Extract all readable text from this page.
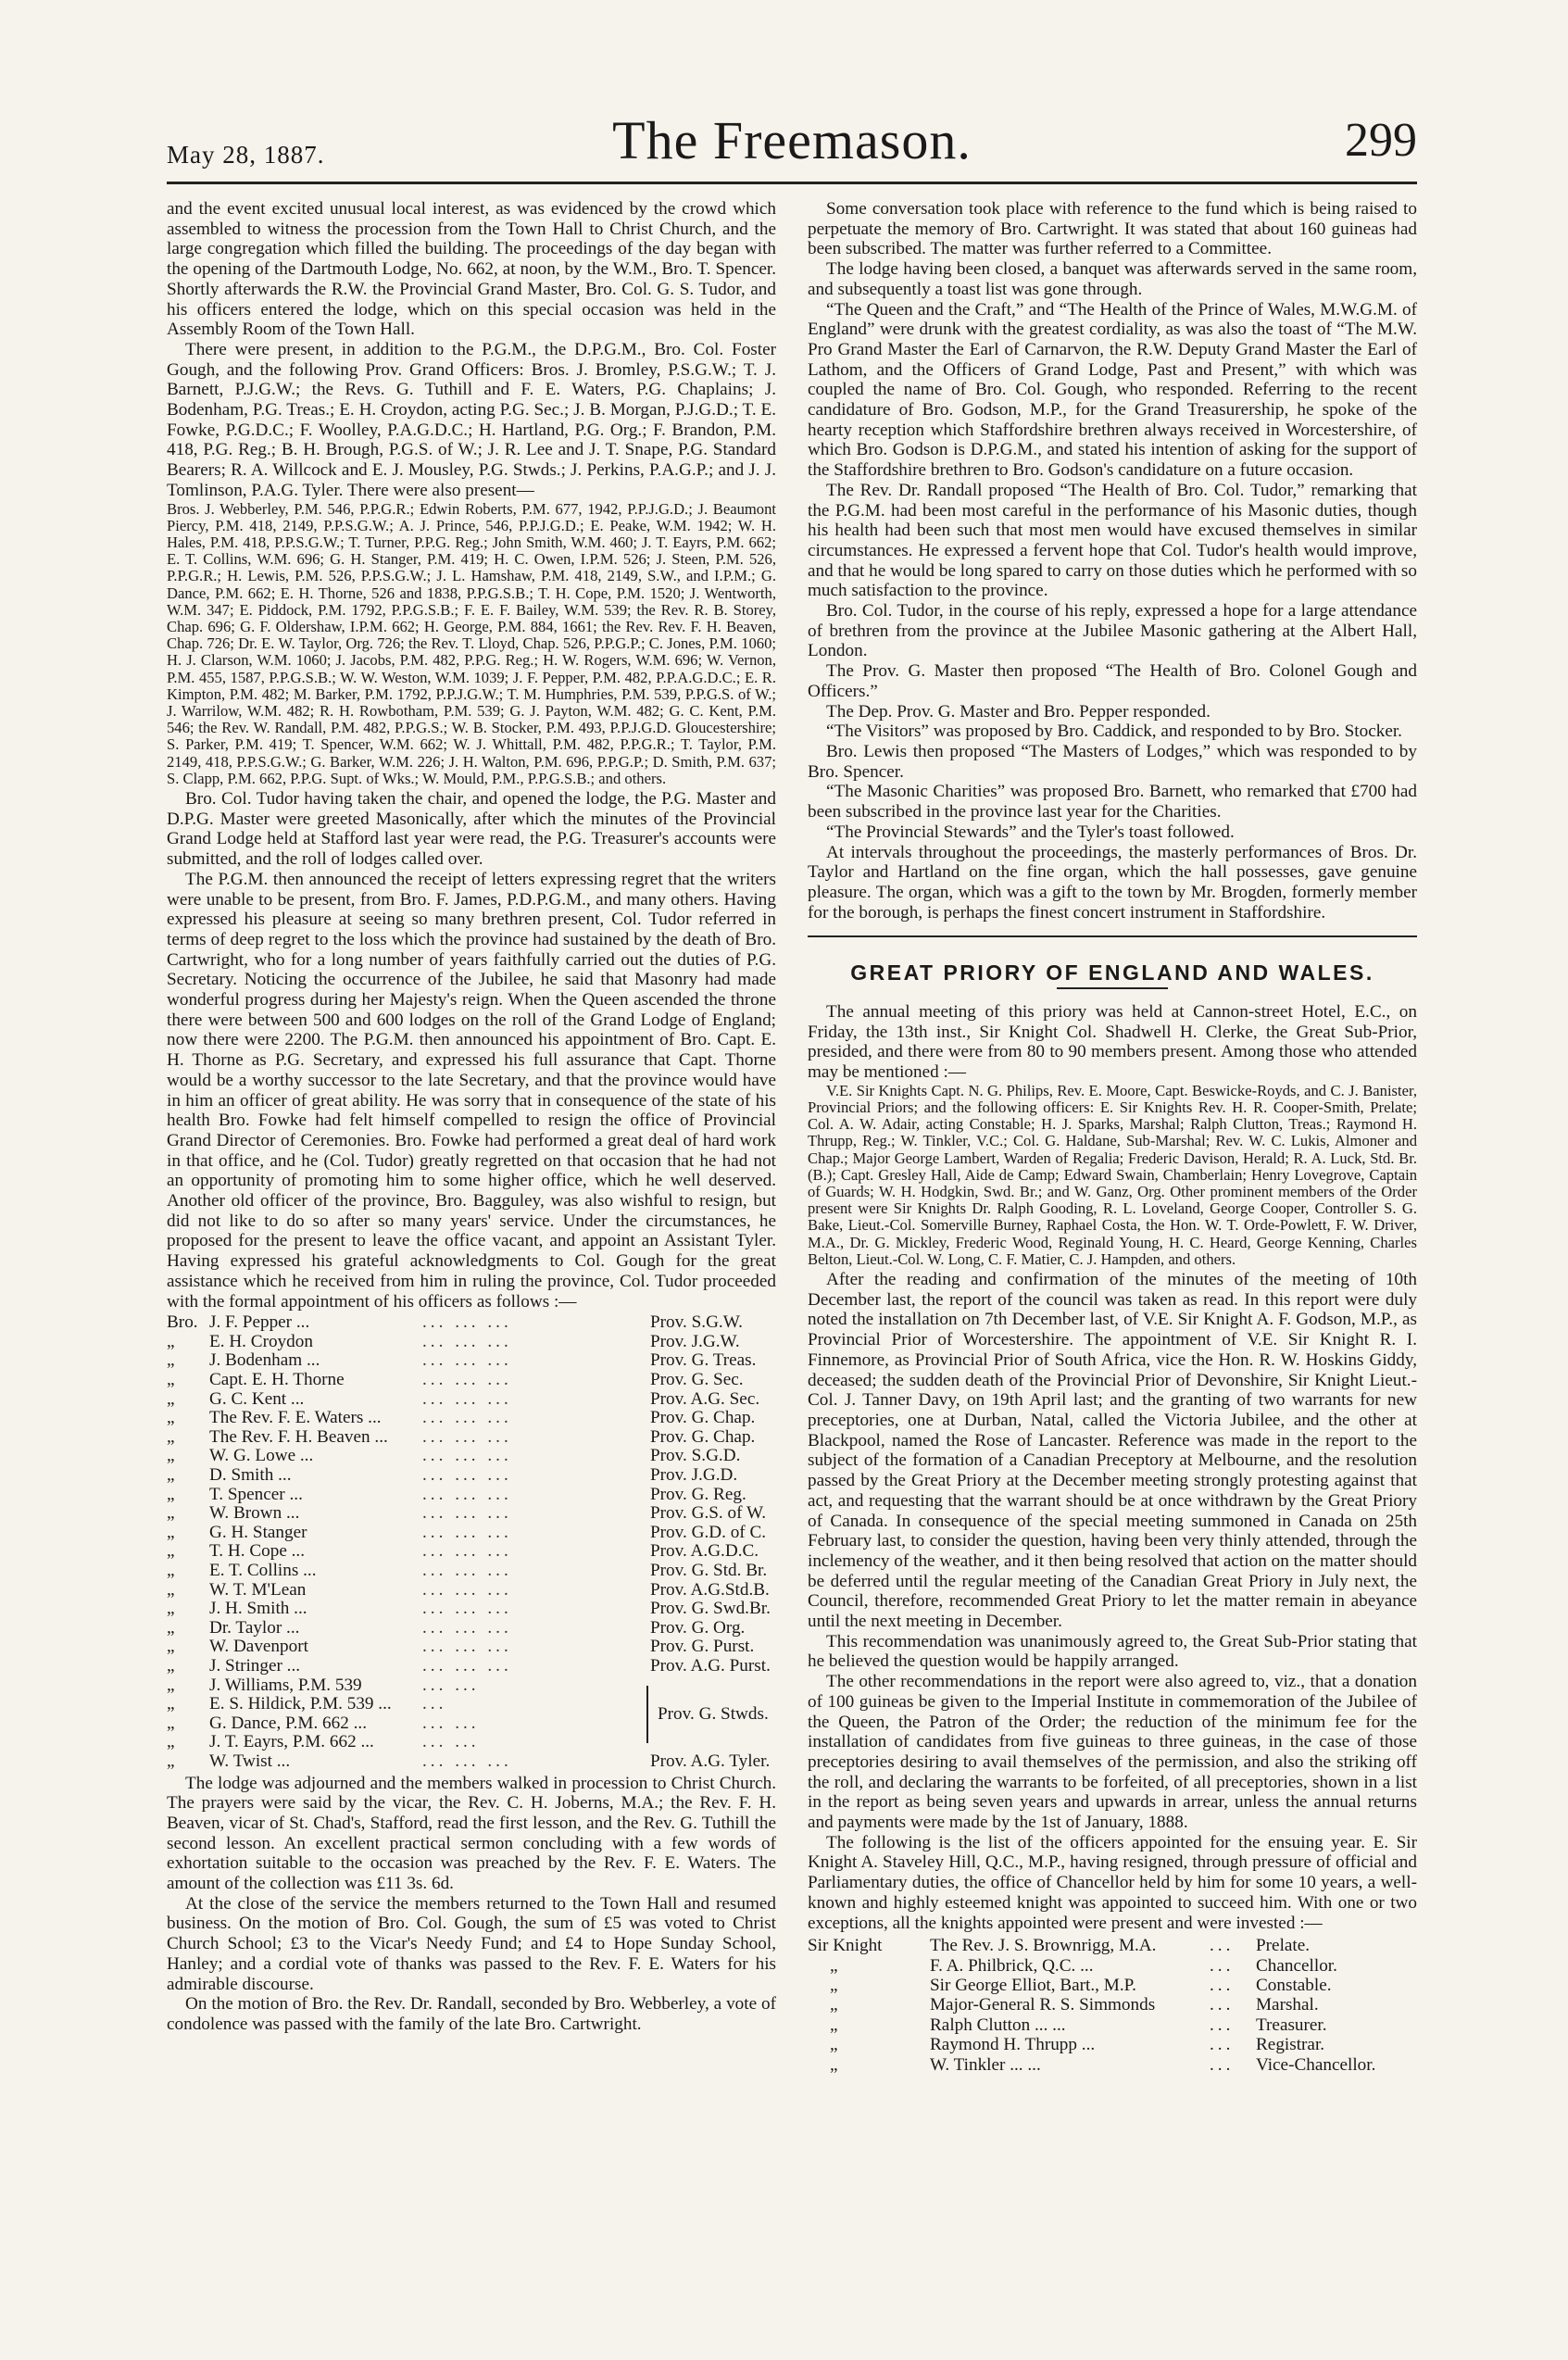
May 28, 1887.	The Freemason.	299

and the event excited unusual local interest, as was evidenced by the crowd which assembled to witness the procession from the Town Hall to Christ Church, and the large congregation which filled the building. The proceedings of the day began with the opening of the Dartmouth Lodge, No. 662, at noon, by the W.M., Bro. T. Spencer. Shortly afterwards the R.W. the Provincial Grand Master, Bro. Col. G. S. Tudor, and his officers entered the lodge, which on this special occasion was held in the Assembly Room of the Town Hall.

There were present, in addition to the P.G.M., the D.P.G.M., Bro. Col. Foster Gough, and the following Prov. Grand Officers: Bros. J. Bromley, P.S.G.W.; T. J. Barnett, P.J.G.W.; the Revs. G. Tuthill and F. E. Waters, P.G. Chaplains; J. Bodenham, P.G. Treas.; E. H. Croydon, acting P.G. Sec.; J. B. Morgan, P.J.G.D.; T. E. Fowke, P.G.D.C.; F. Woolley, P.A.G.D.C.; H. Hartland, P.G. Org.; F. Brandon, P.M. 418, P.G. Reg.; B. H. Brough, P.G.S. of W.; J. R. Lee and J. T. Snape, P.G. Standard Bearers; R. A. Willcock and E. J. Mousley, P.G. Stwds.; J. Perkins, P.A.G.P.; and J. J. Tomlinson, P.A.G. Tyler. There were also present—

Bros. J. Webberley, P.M. 546, P.P.G.R.; Edwin Roberts, P.M. 677, 1942, P.P.J.G.D.; J. Beaumont Piercy, P.M. 418, 2149, P.P.S.G.W.; A. J. Prince, 546, P.P.J.G.D.; E. Peake, W.M. 1942; W. H. Hales, P.M. 418, P.P.S.G.W.; T. Turner, P.P.G. Reg.; John Smith, W.M. 460; J. T. Eayrs, P.M. 662; E. T. Collins, W.M. 696; G. H. Stanger, P.M. 419; H. C. Owen, I.P.M. 526; J. Steen, P.M. 526, P.P.G.R.; H. Lewis, P.M. 526, P.P.S.G.W.; J. L. Hamshaw, P.M. 418, 2149, S.W., and I.P.M.; G. Dance, P.M. 662; E. H. Thorne, 526 and 1838, P.P.G.S.B.; T. H. Cope, P.M. 1520; J. Wentworth, W.M. 347; E. Piddock, P.M. 1792, P.P.G.S.B.; F. E. F. Bailey, W.M. 539; the Rev. R. B. Storey, Chap. 696; G. F. Oldershaw, I.P.M. 662; H. George, P.M. 884, 1661; the Rev. Rev. F. H. Beaven, Chap. 726; Dr. E. W. Taylor, Org. 726; the Rev. T. Lloyd, Chap. 526, P.P.G.P.; C. Jones, P.M. 1060; H. J. Clarson, W.M. 1060; J. Jacobs, P.M. 482, P.P.G. Reg.; H. W. Rogers, W.M. 696; W. Vernon, P.M. 455, 1587, P.P.G.S.B.; W. W. Weston, W.M. 1039; J. F. Pepper, P.M. 482, P.P.A.G.D.C.; E. R. Kimpton, P.M. 482; M. Barker, P.M. 1792, P.P.J.G.W.; T. M. Humphries, P.M. 539, P.P.G.S. of W.; J. Warrilow, W.M. 482; R. H. Rowbotham, P.M. 539; G. J. Payton, W.M. 482; G. C. Kent, P.M. 546; the Rev. W. Randall, P.M. 482, P.P.G.S.; W. B. Stocker, P.M. 493, P.P.J.G.D. Gloucestershire; S. Parker, P.M. 419; T. Spencer, W.M. 662; W. J. Whittall, P.M. 482, P.P.G.R.; T. Taylor, P.M. 2149, 418, P.P.S.G.W.; G. Barker, W.M. 226; J. H. Walton, P.M. 696, P.P.G.P.; D. Smith, P.M. 637; S. Clapp, P.M. 662, P.P.G. Supt. of Wks.; W. Mould, P.M., P.P.G.S.B.; and others.

Bro. Col. Tudor having taken the chair, and opened the lodge, the P.G. Master and D.P.G. Master were greeted Masonically, after which the minutes of the Provincial Grand Lodge held at Stafford last year were read, the P.G. Treasurer's accounts were submitted, and the roll of lodges called over.

The P.G.M. then announced the receipt of letters expressing regret that the writers were unable to be present, from Bro. F. James, P.D.P.G.M., and many others. Having expressed his pleasure at seeing so many brethren present, Col. Tudor referred in terms of deep regret to the loss which the province had sustained by the death of Bro. Cartwright, who for a long number of years faithfully carried out the duties of P.G. Secretary. Noticing the occurrence of the Jubilee, he said that Masonry had made wonderful progress during her Majesty's reign. When the Queen ascended the throne there were between 500 and 600 lodges on the roll of the Grand Lodge of England; now there were 2200. The P.G.M. then announced his appointment of Bro. Capt. E. H. Thorne as P.G. Secretary, and expressed his full assurance that Capt. Thorne would be a worthy successor to the late Secretary, and that the province would have in him an officer of great ability. He was sorry that in consequence of the state of his health Bro. Fowke had felt himself compelled to resign the office of Provincial Grand Director of Ceremonies. Bro. Fowke had performed a great deal of hard work in that office, and he (Col. Tudor) greatly regretted on that occasion that he had not an opportunity of promoting him to some higher office, which he well deserved. Another old officer of the province, Bro. Bagguley, was also wishful to resign, but did not like to do so after so many years' service. Under the circumstances, he proposed for the present to leave the office vacant, and appoint an Assistant Tyler. Having expressed his grateful acknowledgments to Col. Gough for the great assistance which he received from him in ruling the province, Col. Tudor proceeded with the formal appointment of his officers as follows :—

Bro.	J. F. Pepper ...	... ... ...	Prov. S.G.W.
„	E. H. Croydon	... ... ...	Prov. J.G.W.
„	J. Bodenham ...	... ... ...	Prov. G. Treas.
„	Capt. E. H. Thorne	... ... ...	Prov. G. Sec.
„	G. C. Kent ...	... ... ...	Prov. A.G. Sec.
„	The Rev. F. E. Waters ...	... ... ...	Prov. G. Chap.
„	The Rev. F. H. Beaven ...	... ... ...	Prov. G. Chap.
„	W. G. Lowe ...	... ... ...	Prov. S.G.D.
„	D. Smith ...	... ... ...	Prov. J.G.D.
„	T. Spencer ...	... ... ...	Prov. G. Reg.
„	W. Brown ...	... ... ...	Prov. G.S. of W.
„	G. H. Stanger	... ... ...	Prov. G.D. of C.
„	T. H. Cope ...	... ... ...	Prov. A.G.D.C.
„	E. T. Collins ...	... ... ...	Prov. G. Std. Br.
„	W. T. M'Lean	... ... ...	Prov. A.G.Std.B.
„	J. H. Smith ...	... ... ...	Prov. G. Swd.Br.
„	Dr. Taylor ...	... ... ...	Prov. G. Org.
„	W. Davenport	... ... ...	Prov. G. Purst.
„	J. Stringer ...	... ... ...	Prov. A.G. Purst.
„	J. Williams, P.M. 539	... ...	Prov. G. Stwds.
„	E. S. Hildick, P.M. 539 ...	...	
„	G. Dance, P.M. 662 ...	... ...	
„	J. T. Eayrs, P.M. 662 ...	... ...	
„	W. Twist ...	... ... ...	Prov. A.G. Tyler.

The lodge was adjourned and the members walked in procession to Christ Church. The prayers were said by the vicar, the Rev. C. H. Joberns, M.A.; the Rev. F. H. Beaven, vicar of St. Chad's, Stafford, read the first lesson, and the Rev. G. Tuthill the second lesson. An excellent practical sermon concluding with a few words of exhortation suitable to the occasion was preached by the Rev. F. E. Waters. The amount of the collection was £11 3s. 6d.

At the close of the service the members returned to the Town Hall and resumed business. On the motion of Bro. Col. Gough, the sum of £5 was voted to Christ Church School; £3 to the Vicar's Needy Fund; and £4 to Hope Sunday School, Hanley; and a cordial vote of thanks was passed to the Rev. F. E. Waters for his admirable discourse.

On the motion of Bro. the Rev. Dr. Randall, seconded by Bro. Webberley, a vote of condolence was passed with the family of the late Bro. Cartwright.

Some conversation took place with reference to the fund which is being raised to perpetuate the memory of Bro. Cartwright. It was stated that about 160 guineas had been subscribed. The matter was further referred to a Committee.

The lodge having been closed, a banquet was afterwards served in the same room, and subsequently a toast list was gone through.

“The Queen and the Craft,” and “The Health of the Prince of Wales, M.W.G.M. of England” were drunk with the greatest cordiality, as was also the toast of “The M.W. Pro Grand Master the Earl of Carnarvon, the R.W. Deputy Grand Master the Earl of Lathom, and the Officers of Grand Lodge, Past and Present,” with which was coupled the name of Bro. Col. Gough, who responded. Referring to the recent candidature of Bro. Godson, M.P., for the Grand Treasurership, he spoke of the hearty reception which Staffordshire brethren always received in Worcestershire, of which Bro. Godson is D.P.G.M., and stated his intention of asking for the support of the Staffordshire brethren to Bro. Godson's candidature on a future occasion.

The Rev. Dr. Randall proposed “The Health of Bro. Col. Tudor,” remarking that the P.G.M. had been most careful in the performance of his Masonic duties, though his health had been such that most men would have excused themselves in similar circumstances. He expressed a fervent hope that Col. Tudor's health would improve, and that he would be long spared to carry on those duties which he performed with so much satisfaction to the province.

Bro. Col. Tudor, in the course of his reply, expressed a hope for a large attendance of brethren from the province at the Jubilee Masonic gathering at the Albert Hall, London.

The Prov. G. Master then proposed “The Health of Bro. Colonel Gough and Officers.”

The Dep. Prov. G. Master and Bro. Pepper responded.

“The Visitors” was proposed by Bro. Caddick, and responded to by Bro. Stocker.

Bro. Lewis then proposed “The Masters of Lodges,” which was responded to by Bro. Spencer.

“The Masonic Charities” was proposed Bro. Barnett, who remarked that £700 had been subscribed in the province last year for the Charities.

“The Provincial Stewards” and the Tyler's toast followed.

At intervals throughout the proceedings, the masterly performances of Bros. Dr. Taylor and Hartland on the fine organ, which the hall possesses, gave genuine pleasure. The organ, which was a gift to the town by Mr. Brogden, formerly member for the borough, is perhaps the finest concert instrument in Staffordshire.

GREAT PRIORY OF ENGLAND AND WALES.

The annual meeting of this priory was held at Cannon-street Hotel, E.C., on Friday, the 13th inst., Sir Knight Col. Shadwell H. Clerke, the Great Sub-Prior, presided, and there were from 80 to 90 members present. Among those who attended may be mentioned :—

V.E. Sir Knights Capt. N. G. Philips, Rev. E. Moore, Capt. Beswicke-Royds, and C. J. Banister, Provincial Priors; and the following officers: E. Sir Knights Rev. H. R. Cooper-Smith, Prelate; Col. A. W. Adair, acting Constable; H. J. Sparks, Marshal; Ralph Clutton, Treas.; Raymond H. Thrupp, Reg.; W. Tinkler, V.C.; Col. G. Haldane, Sub-Marshal; Rev. W. C. Lukis, Almoner and Chap.; Major George Lambert, Warden of Regalia; Frederic Davison, Herald; R. A. Luck, Std. Br. (B.); Capt. Gresley Hall, Aide de Camp; Edward Swain, Chamberlain; Henry Lovegrove, Captain of Guards; W. H. Hodgkin, Swd. Br.; and W. Ganz, Org. Other prominent members of the Order present were Sir Knights Dr. Ralph Gooding, R. L. Loveland, George Cooper, Controller S. G. Bake, Lieut.-Col. Somerville Burney, Raphael Costa, the Hon. W. T. Orde-Powlett, F. W. Driver, M.A., Dr. G. Mickley, Frederic Wood, Reginald Young, H. C. Heard, George Kenning, Charles Belton, Lieut.-Col. W. Long, C. F. Matier, C. J. Hampden, and others.

After the reading and confirmation of the minutes of the meeting of 10th December last, the report of the council was taken as read. In this report were duly noted the installation on 7th December last, of V.E. Sir Knight A. F. Godson, M.P., as Provincial Prior of Worcestershire. The appointment of V.E. Sir Knight R. I. Finnemore, as Provincial Prior of South Africa, vice the Hon. R. W. Hoskins Giddy, deceased; the sudden death of the Provincial Prior of Devonshire, Sir Knight Lieut.-Col. J. Tanner Davy, on 19th April last; and the granting of two warrants for new preceptories, one at Durban, Natal, called the Victoria Jubilee, and the other at Blackpool, named the Rose of Lancaster. Reference was made in the report to the subject of the formation of a Canadian Preceptory at Melbourne, and the resolution passed by the Great Priory at the December meeting strongly protesting against that act, and requesting that the warrant should be at once withdrawn by the Great Priory of Canada. In consequence of the special meeting summoned in Canada on 25th February last, to consider the question, having been very thinly attended, through the inclemency of the weather, and it then being resolved that action on the matter should be deferred until the regular meeting of the Canadian Great Priory in July next, the Council, therefore, recommended Great Priory to let the matter remain in abeyance until the next meeting in December.

This recommendation was unanimously agreed to, the Great Sub-Prior stating that he believed the question would be happily arranged.

The other recommendations in the report were also agreed to, viz., that a donation of 100 guineas be given to the Imperial Institute in commemoration of the Jubilee of the Queen, the Patron of the Order; the reduction of the minimum fee for the installation of candidates from five guineas to three guineas, in the case of those preceptories desiring to avail themselves of the permission, and also the striking off the roll, and declaring the warrants to be forfeited, of all preceptories, shown in a list in the report as being seven years and upwards in arrear, unless the annual returns and payments were made by the 1st of January, 1888.

The following is the list of the officers appointed for the ensuing year. E. Sir Knight A. Staveley Hill, Q.C., M.P., having resigned, through pressure of official and Parliamentary duties, the office of Chancellor held by him for some 10 years, a well-known and highly esteemed knight was appointed to succeed him. With one or two exceptions, all the knights appointed were present and were invested :—

Sir Knight	The Rev. J. S. Brownrigg, M.A.	...	Prelate.
„	F. A. Philbrick, Q.C. ...	...	Chancellor.
„	Sir George Elliot, Bart., M.P.	...	Constable.
„	Major-General R. S. Simmonds	...	Marshal.
„	Ralph Clutton ... ...	...	Treasurer.
„	Raymond H. Thrupp ...	...	Registrar.
„	W. Tinkler ... ...	...	Vice-Chancellor.
